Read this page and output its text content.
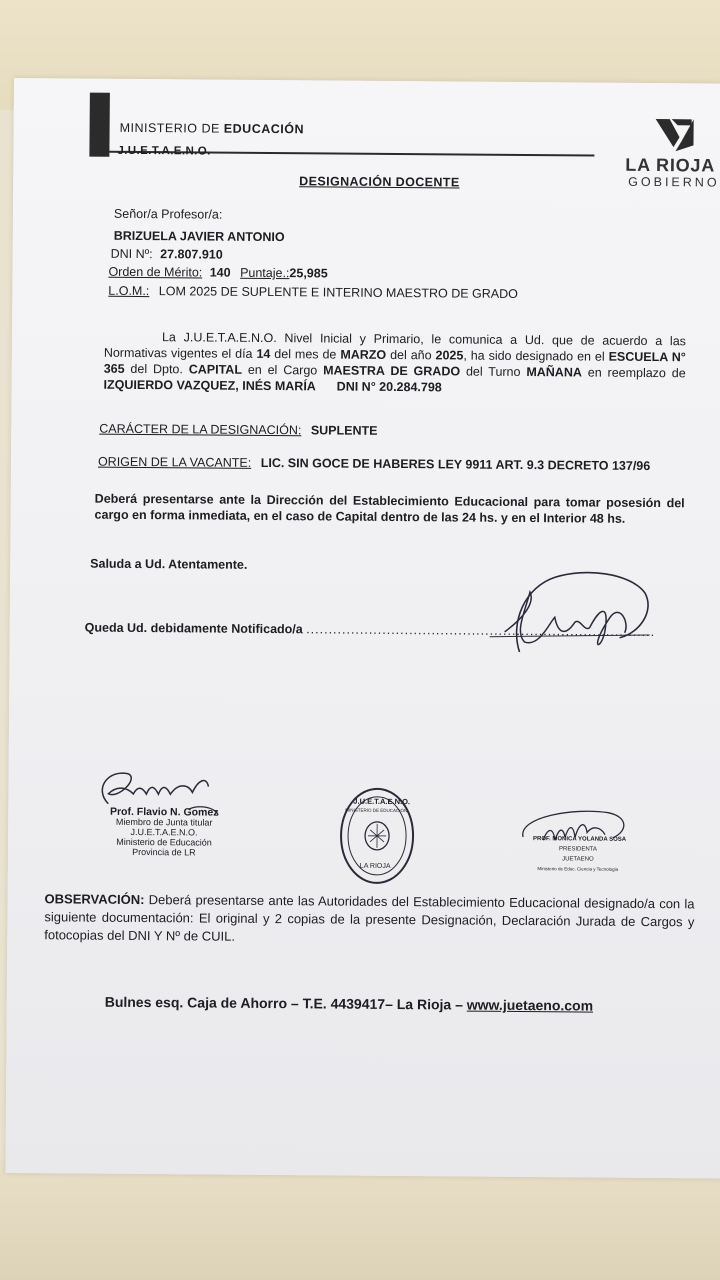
MINISTERIO DE EDUCACIÓN
J.U.E.T.A.E.N.O.
LA RIOJA
GOBIERNO
DESIGNACIÓN DOCENTE
Señor/a Profesor/a:
BRIZUELA JAVIER ANTONIO
DNI Nº: 27.807.910
Orden de Mérito: 140 Puntaje.:25,985
L.O.M.: LOM 2025 DE SUPLENTE E INTERINO MAESTRO DE GRADO
La J.U.E.T.A.E.N.O. Nivel Inicial y Primario, le comunica a Ud. que de acuerdo a las Normativas vigentes el día 14 del mes de MARZO del año 2025, ha sido designado en el ESCUELA N° 365 del Dpto. CAPITAL en el Cargo MAESTRA DE GRADO del Turno MAÑANA en reemplazo de IZQUIERDO VAZQUEZ, INÉS MARÍA DNI N° 20.284.798
CARÁCTER DE LA DESIGNACIÓN: SUPLENTE
ORIGEN DE LA VACANTE: LIC. SIN GOCE DE HABERES LEY 9911 ART. 9.3 DECRETO 137/96
Deberá presentarse ante la Dirección del Establecimiento Educacional para tomar posesión del cargo en forma inmediata, en el caso de Capital dentro de las 24 hs. y en el Interior 48 hs.
Saluda a Ud. Atentamente.
Queda Ud. debidamente Notificado/a ..............................................................................
Prof. Flavio N. Gomez
Miembro de Junta titular
J.U.E.T.A.E.N.O.
Ministerio de Educación
Provincia de LR
J.U.E.T.A.E.N.O.
MINISTERIO DE EDUCACIÓN
LA RIOJA
PROF. MONICA YOLANDA SOSA
PRESIDENTA
JUETAENO
Ministerio de Educ. Ciencia y Tecnologia
OBSERVACIÓN: Deberá presentarse ante las Autoridades del Establecimiento Educacional designado/a con la siguiente documentación: El original y 2 copias de la presente Designación, Declaración Jurada de Cargos y fotocopias del DNI Y Nº de CUIL.
Bulnes esq. Caja de Ahorro – T.E. 4439417– La Rioja – www.juetaeno.com
